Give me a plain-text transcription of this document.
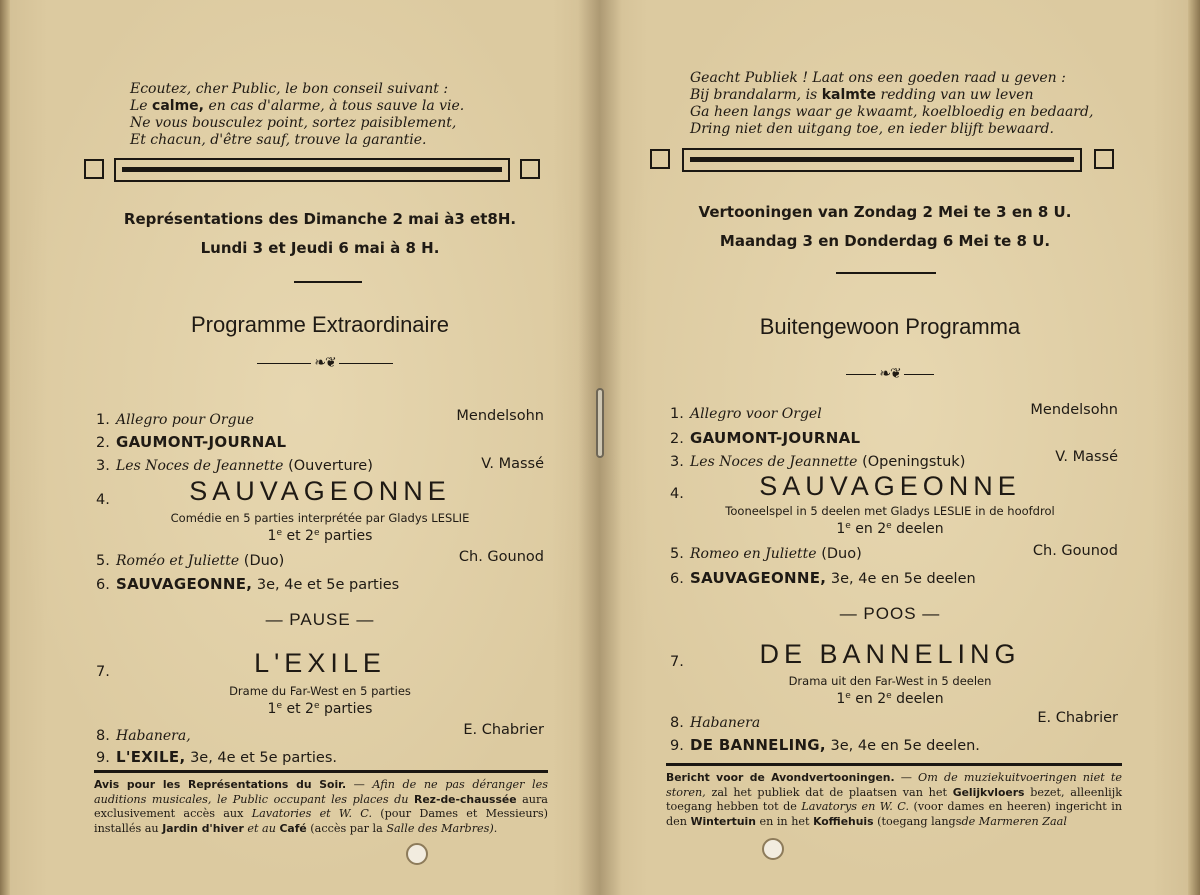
Ecoutez, cher Public, le bon conseil suivant :
Le calme, en cas d'alarme, à tous sauve la vie.
Ne vous bousculez point, sortez paisiblement,
Et chacun, d'être sauf, trouve la garantie.
Représentations des Dimanche 2 mai à3 et8H.
Lundi 3 et Jeudi 6 mai à 8 H.
Programme Extraordinaire
❧❦
1. Allegro pour Orgue	Mendelsohn
2. GAUMONT-JOURNAL
3. Les Noces de Jeannette (Ouverture)	V. Massé
4.	SAUVAGEONNE
Comédie en 5 parties interprétée par Gladys LESLIE
1e et 2e parties
5. Roméo et Juliette (Duo)	Ch. Gounod
6. SAUVAGEONNE, 3e, 4e et 5e parties
— PAUSE —
7.	L'EXILE
Drame du Far-West en 5 parties
1e et 2e parties
8. Habanera,	E. Chabrier
9. L'EXILE, 3e, 4e et 5e parties.
Avis pour les Représentations du Soir. — Afin de ne pas déranger les auditions musicales, le Public occupant les places du Rez-de-chaussée aura exclusivement accès aux Lavatories et W. C. (pour Dames et Messieurs) installés au Jardin d'hiver et au Café (accès par la Salle des Marbres).
Geacht Publiek ! Laat ons een goeden raad u geven :
Bij brandalarm, is kalmte redding van uw leven
Ga heen langs waar ge kwaamt, koelbloedig en bedaard,
Dring niet den uitgang toe, en ieder blijft bewaard.
Vertooningen van Zondag 2 Mei te 3 en 8 U.
Maandag 3 en Donderdag 6 Mei te 8 U.
Buitengewoon Programma
❧❦
1. Allegro voor Orgel	Mendelsohn
2. GAUMONT-JOURNAL
3. Les Noces de Jeannette (Openingstuk)	V. Massé
4.	SAUVAGEONNE
Tooneelspel in 5 deelen met Gladys LESLIE in de hoofdrol
1e en 2e deelen
5. Romeo en Juliette (Duo)	Ch. Gounod
6. SAUVAGEONNE, 3e, 4e en 5e deelen
— POOS —
7.	DE BANNELING
Drama uit den Far-West in 5 deelen
1e en 2e deelen
8. Habanera	E. Chabrier
9. DE BANNELING, 3e, 4e en 5e deelen.
Bericht voor de Avondvertooningen. — Om de muziekuitvoeringen niet te storen, zal het publiek dat de plaatsen van het Gelijkvloers bezet, alleenlijk toegang hebben tot de Lavatorys en W. C. (voor dames en heeren) ingericht in den Wintertuin en in het Koffiehuis (toegang langsde Marmeren Zaal
